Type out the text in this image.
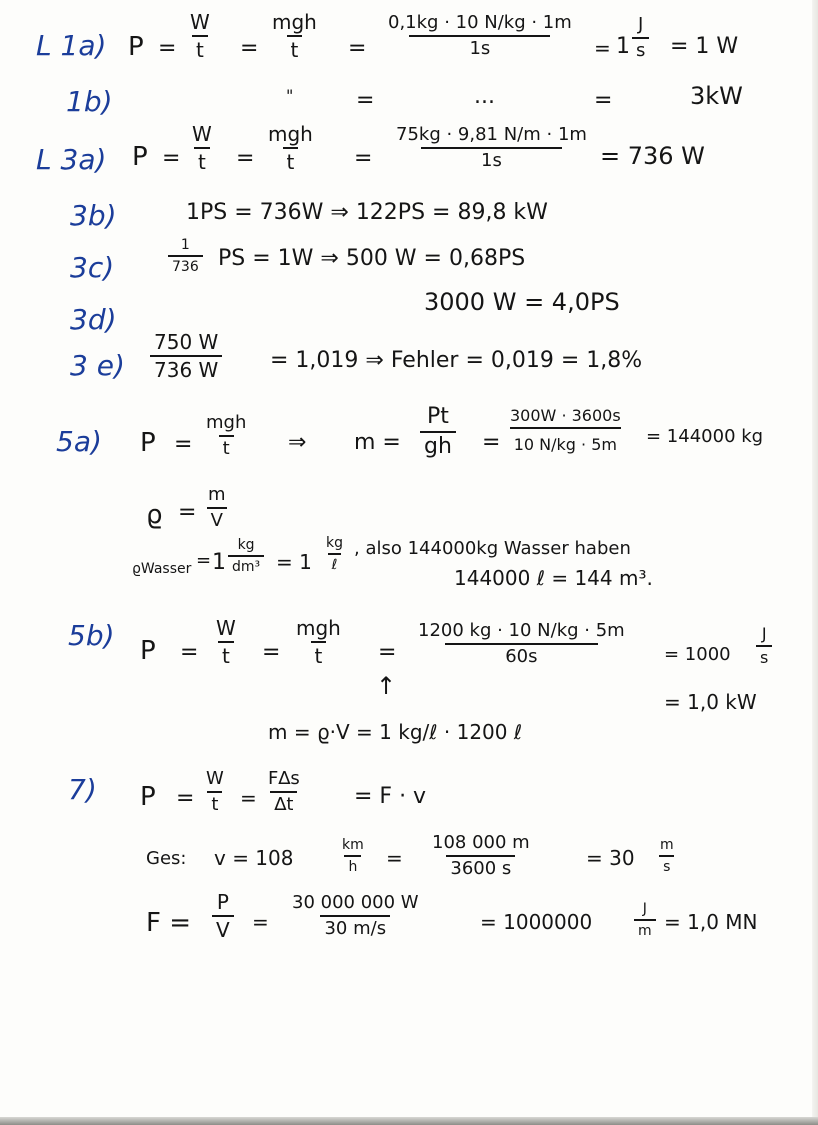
L 1a) $P = \frac{W}{t}$ =
mgh
$t = \frac{0,1kg \cdot 10 N/kg \cdot 1m}{1s} = 1 \frac{J}{s} = 1$ W
1b)	"	=	...	=	3kW
L 3a) $P = \frac{W}{t}$ =
mgh
t	= $\frac{75kg \cdot 9,81 N/m \cdot 1m}{1s} = 736$ W
3b)	1PS = 736W ⇒ 122PS = 89,8 kW
3c)	$\frac{1}{736}$ PS = 1W ⇒ 500 W = 0,68PS
3d)
3000 W = 4,0PS
3 $e) \frac{750 W}{736 W} = 1,019$ ⇒ Fehler = 0,019 = 1,8%
5a) P =
mgh
t	⇒ $m = \frac{Pt}{gh} = \frac{300W \cdot 3600s}{10 N/kg \cdot 5m} = 144000$ kg
$ϱ = \frac{m}{V}$
ϱWasser = $1 \frac{kg}{\text{dm³}} = 1$
kg
ℓ
, also 144000kg Wasser haben
144000 ℓ = 144 m³.
5b) $P = \frac{W}{t}$ =
mgh
t	= $\frac{1200 kg \cdot 10 N/kg \cdot 5m}{60s} = 1000 \frac{J}{s}$
= 1,0 kW
↑
m = ϱ·V = 1 kg/ℓ · 1200 ℓ
7) $P = \frac{W}{t} = \frac{F\Delta s}{\Delta t} = F \cdot v$
Ges: v = 108	$\frac{km}{h} = \frac{108 000 m}{3600 s}$	= $30 \frac{m}{s}$
$F = \frac{P}{V} = \frac{30 000 000 W}{30 m/s}$	= 1000000	$\frac{J}{m} = 1,0$ MN
